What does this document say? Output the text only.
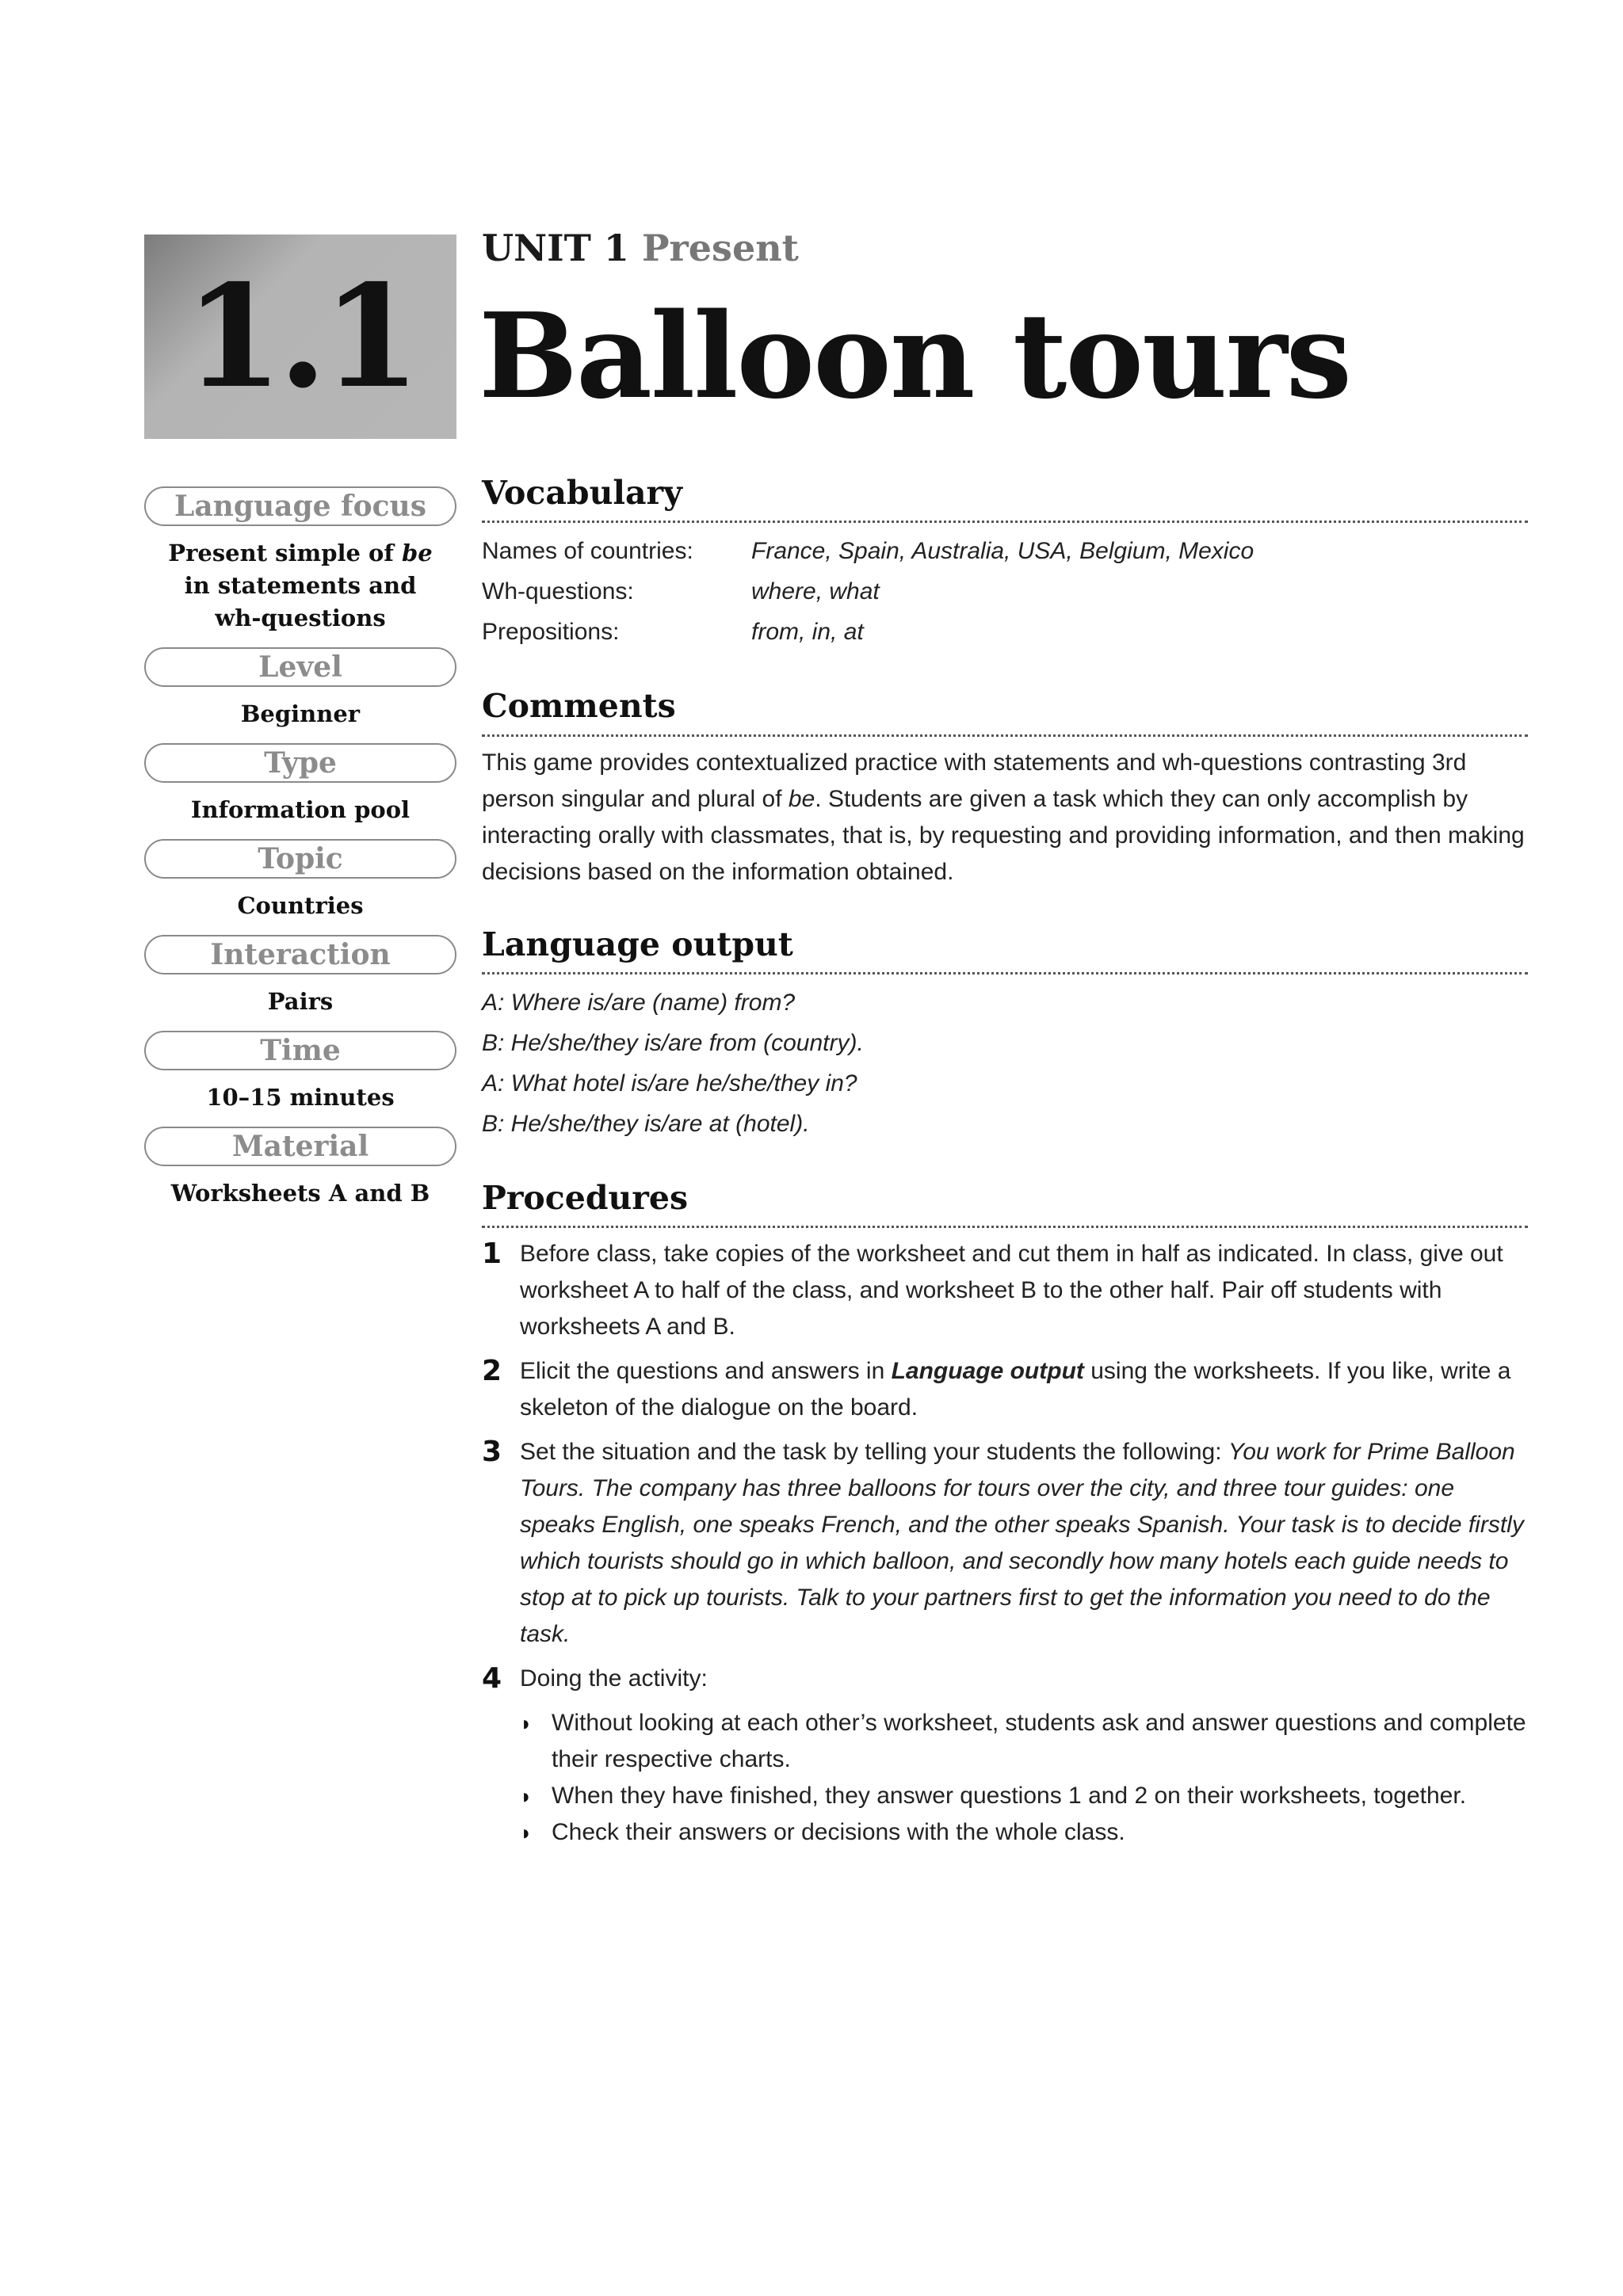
1.1
UNIT 1 Present
Balloon tours
Language focus
Present simple of be
in statements and
wh-questions
Level
Beginner
Type
Information pool
Topic
Countries
Interaction
Pairs
Time
10–15 minutes
Material
Worksheets A and B
Vocabulary
Names of countries:	France, Spain, Australia, USA, Belgium, Mexico
Wh-questions:	where, what
Prepositions:	from, in, at
Comments
This game provides contextualized practice with statements and wh-questions contrasting 3rd person singular and plural of be. Students are given a task which they can only accomplish by interacting orally with classmates, that is, by requesting and providing information, and then making decisions based on the information obtained.
Language output
A: Where is/are (name) from?
B: He/she/they is/are from (country).
A: What hotel is/are he/she/they in?
B: He/she/they is/are at (hotel).
Procedures
1 Before class, take copies of the worksheet and cut them in half as indicated. In class, give out worksheet A to half of the class, and worksheet B to the other half. Pair off students with worksheets A and B.
2 Elicit the questions and answers in Language output using the worksheets. If you like, write a skeleton of the dialogue on the board.
3 Set the situation and the task by telling your students the following: You work for Prime Balloon Tours. The company has three balloons for tours over the city, and three tour guides: one speaks English, one speaks French, and the other speaks Spanish. Your task is to decide firstly which tourists should go in which balloon, and secondly how many hotels each guide needs to stop at to pick up tourists. Talk to your partners first to get the information you need to do the task.
4 Doing the activity:
◗ Without looking at each other’s worksheet, students ask and answer questions and complete their respective charts.
◗ When they have finished, they answer questions 1 and 2 on their worksheets, together.
◗ Check their answers or decisions with the whole class.
